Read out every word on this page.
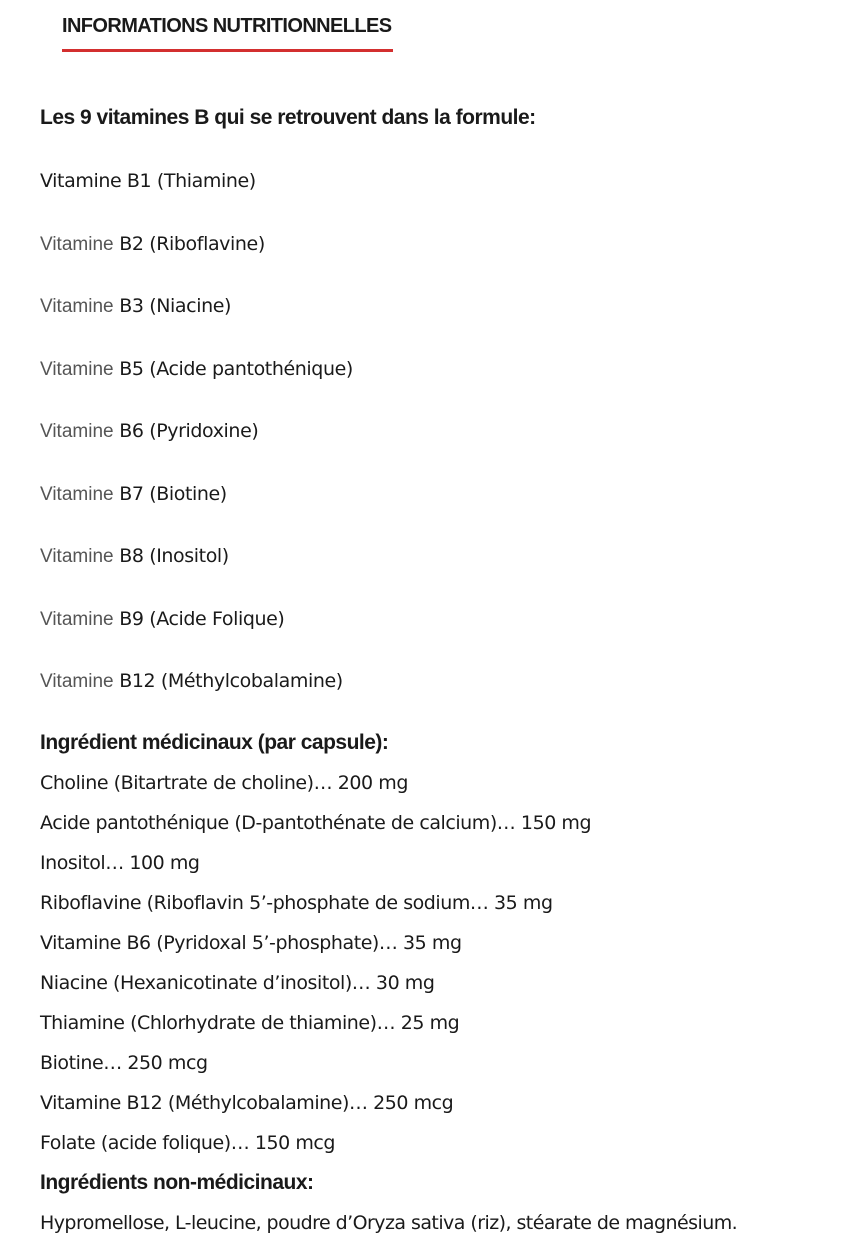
INFORMATIONS NUTRITIONNELLES
Les 9 vitamines B qui se retrouvent dans la formule:
Vitamine B1 (Thiamine)
Vitamine B2 (Riboflavine)
Vitamine B3 (Niacine)
Vitamine B5 (Acide pantothénique)
Vitamine B6 (Pyridoxine)
Vitamine B7 (Biotine)
Vitamine B8 (Inositol)
Vitamine B9 (Acide Folique)
Vitamine B12 (Méthylcobalamine)
Ingrédient médicinaux (par capsule):
Choline (Bitartrate de choline)… 200 mg
Acide pantothénique (D-pantothénate de calcium)… 150 mg
Inositol… 100 mg
Riboflavine (Riboflavin 5’-phosphate de sodium… 35 mg
Vitamine B6 (Pyridoxal 5’-phosphate)… 35 mg
Niacine (Hexanicotinate d’inositol)… 30 mg
Thiamine (Chlorhydrate de thiamine)… 25 mg
Biotine… 250 mcg
Vitamine B12 (Méthylcobalamine)… 250 mcg
Folate (acide folique)… 150 mcg
Ingrédients non-médicinaux:

Hypromellose, L-leucine, poudre d’Oryza sativa (riz), stéarate de magnésium.
